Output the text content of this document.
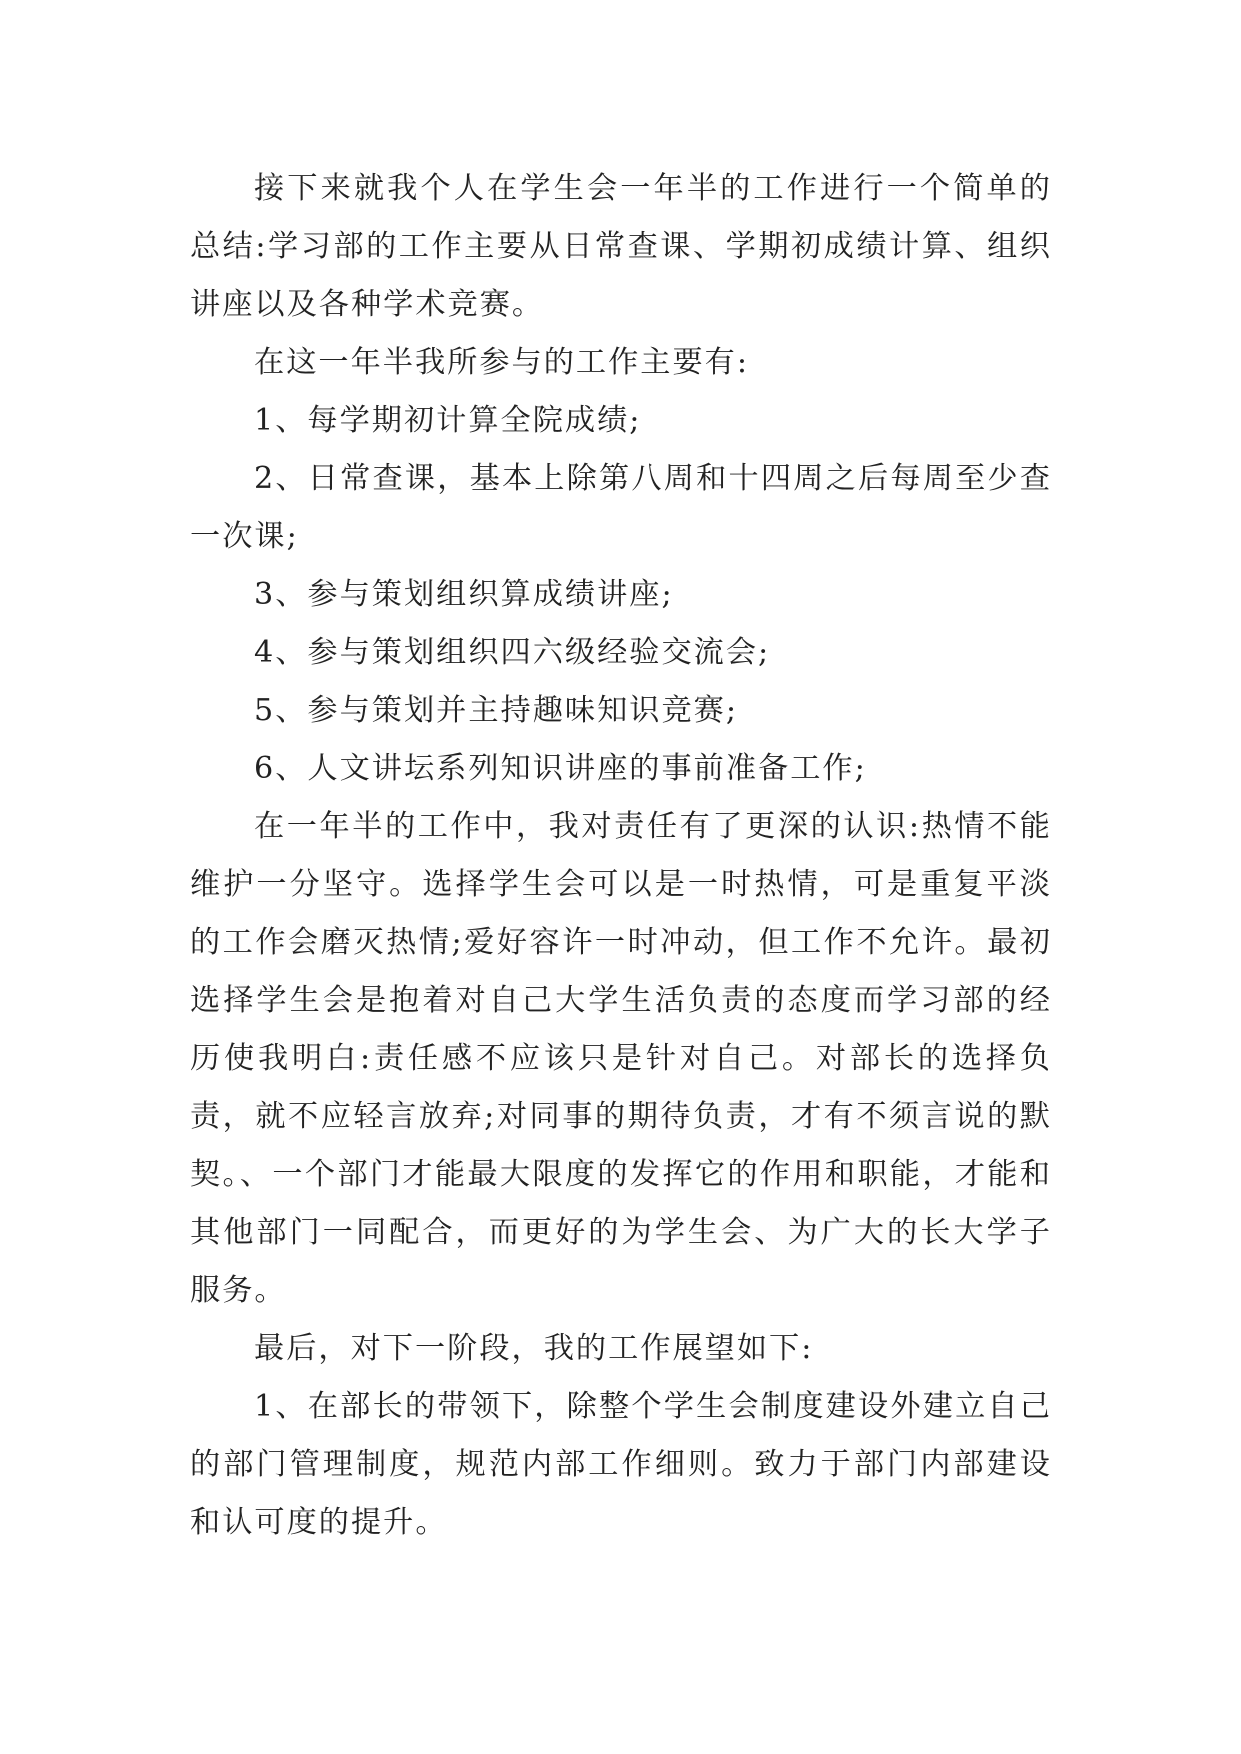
接下来就我个人在学生会一年半的工作进行一个简单的总结:学习部的工作主要从日常查课、学期初成绩计算、组织讲座以及各种学术竞赛。

在这一年半我所参与的工作主要有:

1、每学期初计算全院成绩;

2、日常查课，基本上除第八周和十四周之后每周至少查一次课;

3、参与策划组织算成绩讲座;

4、参与策划组织四六级经验交流会;

5、参与策划并主持趣味知识竞赛;

6、人文讲坛系列知识讲座的事前准备工作;

在一年半的工作中，我对责任有了更深的认识:热情不能维护一分坚守。选择学生会可以是一时热情，可是重复平淡的工作会磨灭热情;爱好容许一时冲动，但工作不允许。最初选择学生会是抱着对自己大学生活负责的态度而学习部的经历使我明白:责任感不应该只是针对自己。对部长的选择负责，就不应轻言放弃;对同事的期待负责，才有不须言说的默契。、一个部门才能最大限度的发挥它的作用和职能，才能和其他部门一同配合，而更好的为学生会、为广大的长大学子服务。

最后，对下一阶段，我的工作展望如下:

1、在部长的带领下，除整个学生会制度建设外建立自己的部门管理制度，规范内部工作细则。致力于部门内部建设和认可度的提升。
